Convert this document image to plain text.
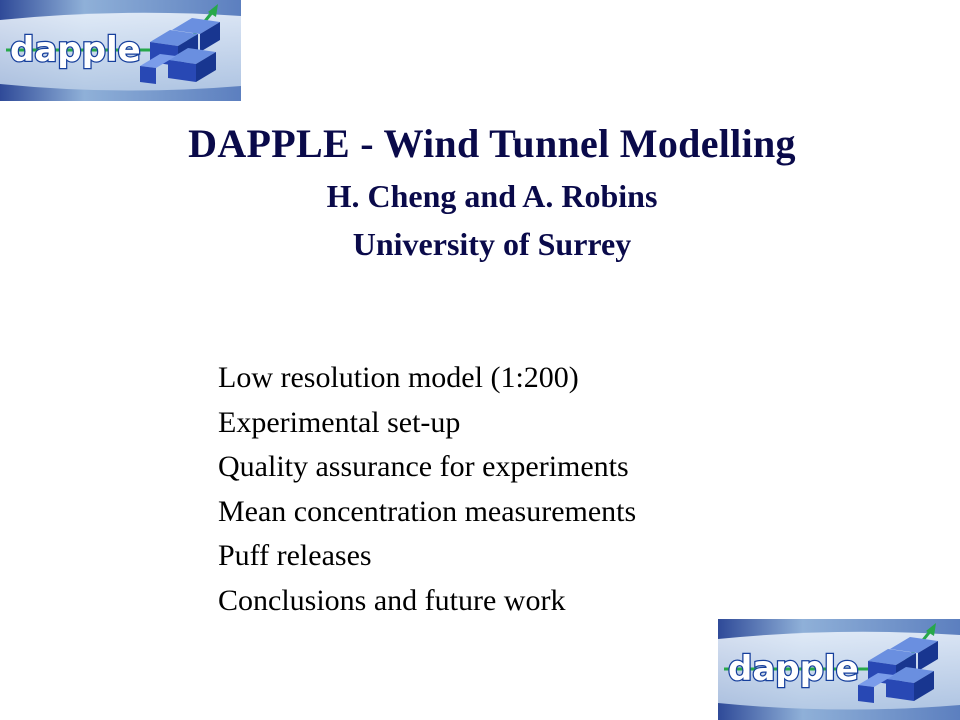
dapple

DAPPLE - Wind Tunnel Modelling

H. Cheng and A. Robins

University of Surrey

Low resolution model (1:200)
Experimental set-up
Quality assurance for experiments
Mean concentration measurements
Puff releases
Conclusions and future work
dapple
